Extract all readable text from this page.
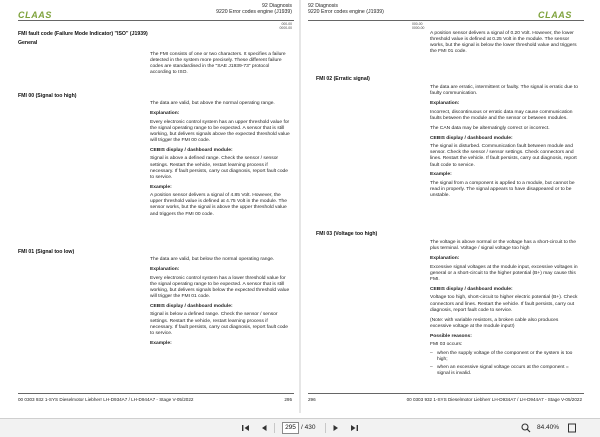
CLAAS
92 Diagnosis
9220 Error codes engine (J1939)
000-00
0000-00
FMI fault code (Failure Mode Indicator) "ISO" (J1939)
General

The FMI consists of one or two characters. It specifies a failure detected in the system more precisely. These different failure codes are standardised in the "SAE J1939-73" protocol according to ISO.

FMI 00 (Signal too high)

The data are valid, but above the normal operating range.

Explanation:

Every electronic control system has an upper threshold value for the signal operating range to be expected. A sensor that is still working, but delivers signals above the expected threshold value will trigger the FMI 00 code.

CEBIS display / dashboard module:

Signal is above a defined range. Check the sensor / sensor settings. Restart the vehicle, restart learning process if necessary. If fault persists, carry out diagnosis, report fault code to service.

Example:

A position sensor delivers a signal of 4.85 Volt. However, the upper threshold value is defined at 4.75 Volt in the module. The sensor works, but the signal is above the upper threshold value and triggers the FMI 00 code.

FMI 01 (Signal too low)

The data are valid, but below the normal operating range.

Explanation:

Every electronic control system has a lower threshold value for the signal operating range to be expected. A sensor that is still working, but delivers signals below the expected threshold value will trigger the FMI 01 code.

CEBIS display / dashboard module:

Signal is below a defined range. Check the sensor / sensor settings. Restart the vehicle, restart learning process if necessary. If fault persists, carry out diagnosis, report fault code to service.

Example:
00 0303 932 1-SYS Dieselmotor Liebherr LH-D934A7 / LH-D944A7 - Stage V-05/2022	295
92 Diagnosis
9220 Error codes engine (J1939)	CLAAS
000-00
0000-00

A position sensor delivers a signal of 0.20 Volt. However, the lower threshold value is defined at 0.25 Volt in the module. The sensor works, but the signal is below the lower threshold value and triggers the FMI 01 code.

FMI 02 (Erratic signal)

The data are erratic, intermittent or faulty. The signal is erratic due to faulty communication.

Explanation:

Incorrect, discontinuous or erratic data may cause communication faults between the module and the sensor or between modules.

The CAN data may be alternatingly correct or incorrect.

CEBIS display / dashboard module:

The signal is disturbed. Communication fault between module and sensor. Check the sensor / sensor settings. Check connectors and lines. Restart the vehicle. If fault persists, carry out diagnosis, report fault code to service.

Example:

The signal from a component is applied to a module, but cannot be read in properly. The signal appears to have disappeared or to be unstable.

FMI 03 (Voltage too high)

The voltage is above normal or the voltage has a short-circuit to the plus terminal. Voltage / signal voltage too high

Explanation:

Excessive signal voltages at the module input, excessive voltages in general or a short-circuit to the higher potential (B+) may cause this FMI.

CEBIS display / dashboard module:

Voltage too high, short-circuit to higher electric potential (B+). Check connectors and lines. Restart the vehicle. If fault persists, carry out diagnosis, report fault code to service.

(Note: with variable resistors, a broken cable also produces excessive voltage at the module input!)

Possible reasons:

FMI 03 occurs:

– when the supply voltage of the component or the system is too high;
– when an excessive signal voltage occurs at the component = signal is invalid.
296	00 0303 932 1-SYS Dieselmotor Liebherr LH-D934A7 / LH-D944A7 - Stage V-05/2022
295 / 430	84.40%
